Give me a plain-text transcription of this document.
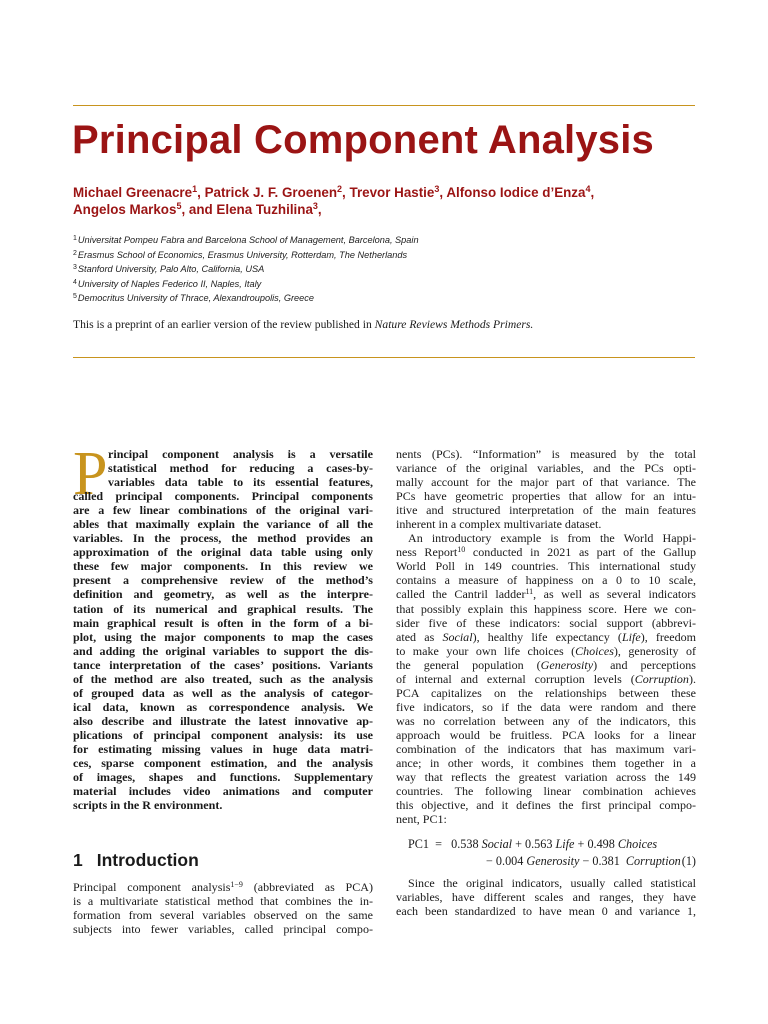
Principal Component Analysis
Michael Greenacre$^1$, Patrick J. F. Groenen$^2$, Trevor Hastie$^3$, Alfonso Iodice d’Enza$^4$,
Angelos Markos$^5$, and Elena Tuzhilina$^3$,
$^1$Universitat Pompeu Fabra and Barcelona School of Management, Barcelona, Spain
$^2$Erasmus School of Economics, Erasmus University, Rotterdam, The Netherlands
$^3$Stanford University, Palo Alto, California, USA
$^4$University of Naples Federico II, Naples, Italy
$^5$Democritus University of Thrace, Alexandroupolis, Greece
This is a preprint of an earlier version of the review published in Nature Reviews Methods Primers.
P rincipal component analysis is a versatile
statistical method for reducing a cases-by-
variables data table to its essential features,
called principal components. Principal components
are a few linear combinations of the original vari-
ables that maximally explain the variance of all the
variables. In the process, the method provides an
approximation of the original data table using only
these few major components. In this review we
present a comprehensive review of the method’s
definition and geometry, as well as the interpre-
tation of its numerical and graphical results. The
main graphical result is often in the form of a bi-
plot, using the major components to map the cases
and adding the original variables to support the dis-
tance interpretation of the cases’ positions. Variants
of the method are also treated, such as the analysis
of grouped data as well as the analysis of categor-
ical data, known as correspondence analysis. We
also describe and illustrate the latest innovative ap-
plications of principal component analysis: its use
for estimating missing values in huge data matri-
ces, sparse component estimation, and the analysis
of images, shapes and functions. Supplementary
material includes video animations and computer
scripts in the R environment.
1 Introduction
Principal component analysis$^{1-9}$ (abbreviated as PCA)
is a multivariate statistical method that combines the in-
formation from several variables observed on the same
subjects into fewer variables, called principal compo-
nents (PCs). “Information” is measured by the total
variance of the original variables, and the PCs opti-
mally account for the major part of that variance. The
PCs have geometric properties that allow for an intu-
itive and structured interpretation of the main features
inherent in a complex multivariate dataset.
An introductory example is from the World Happi-
ness Report$^{10}$ conducted in 2021 as part of the Gallup
World Poll in 149 countries. This international study
contains a measure of happiness on a 0 to 10 scale,
called the Cantril ladder$^{11}$, as well as several indicators
that possibly explain this happiness score. Here we con-
sider five of these indicators: social support (abbrevi-
ated as Social), healthy life expectancy (Life), freedom
to make your own life choices (Choices), generosity of
the general population (Generosity) and perceptions
of internal and external corruption levels (Corruption).
PCA capitalizes on the relationships between these
five indicators, so if the data were random and there
was no correlation between any of the indicators, this
approach would be fruitless. PCA looks for a linear
combination of the indicators that has maximum vari-
ance; in other words, it combines them together in a
way that reflects the greatest variation across the 149
countries. The following linear combination achieves
this objective, and it defines the first principal compo-
nent, PC1:
PC1  =   0.538 Social + 0.563 Life + 0.498 Choices
− 0.004 Generosity − 0.381 Corruption (1)
Since the original indicators, usually called statistical
variables, have different scales and ranges, they have
each been standardized to have mean 0 and variance 1,
